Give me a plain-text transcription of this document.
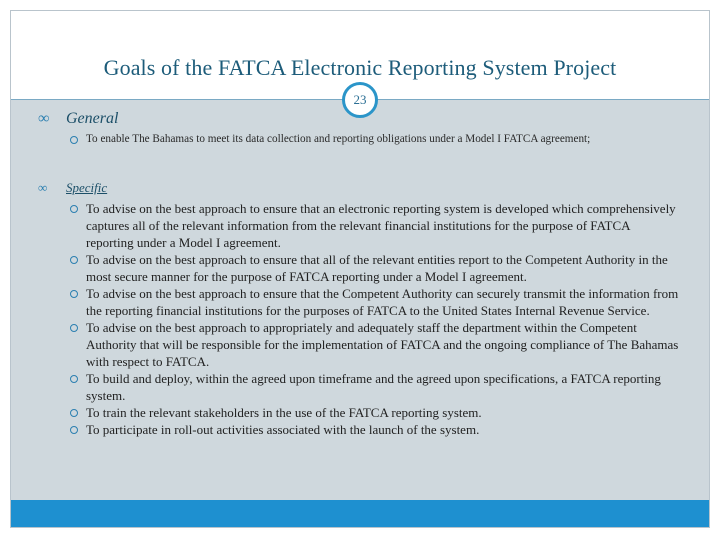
Goals of the FATCA Electronic Reporting System Project
23
∞ General
To enable The Bahamas to meet its data collection and reporting obligations under a Model I FATCA agreement;
∞ Specific
To advise on the best approach to ensure that an electronic reporting system is developed which comprehensively captures all of the relevant information from the relevant financial institutions for the purpose of FATCA reporting under a Model I agreement.
To advise on the best approach to ensure that all of the relevant entities report to the Competent Authority in the most secure manner for the purpose of FATCA reporting under a Model I agreement.
To advise on the best approach to ensure that the Competent Authority can securely transmit the information from the reporting financial institutions for the purposes of FATCA to the United States Internal Revenue Service.
To advise on the best approach to appropriately and adequately staff the department within the Competent Authority that will be responsible for the implementation of FATCA and the ongoing compliance of The Bahamas with respect to FATCA.
To build and deploy, within the agreed upon timeframe and the agreed upon specifications, a FATCA reporting system.
To train the relevant stakeholders in the use of the FATCA reporting system.
To participate in roll-out activities associated with the launch of the system.
